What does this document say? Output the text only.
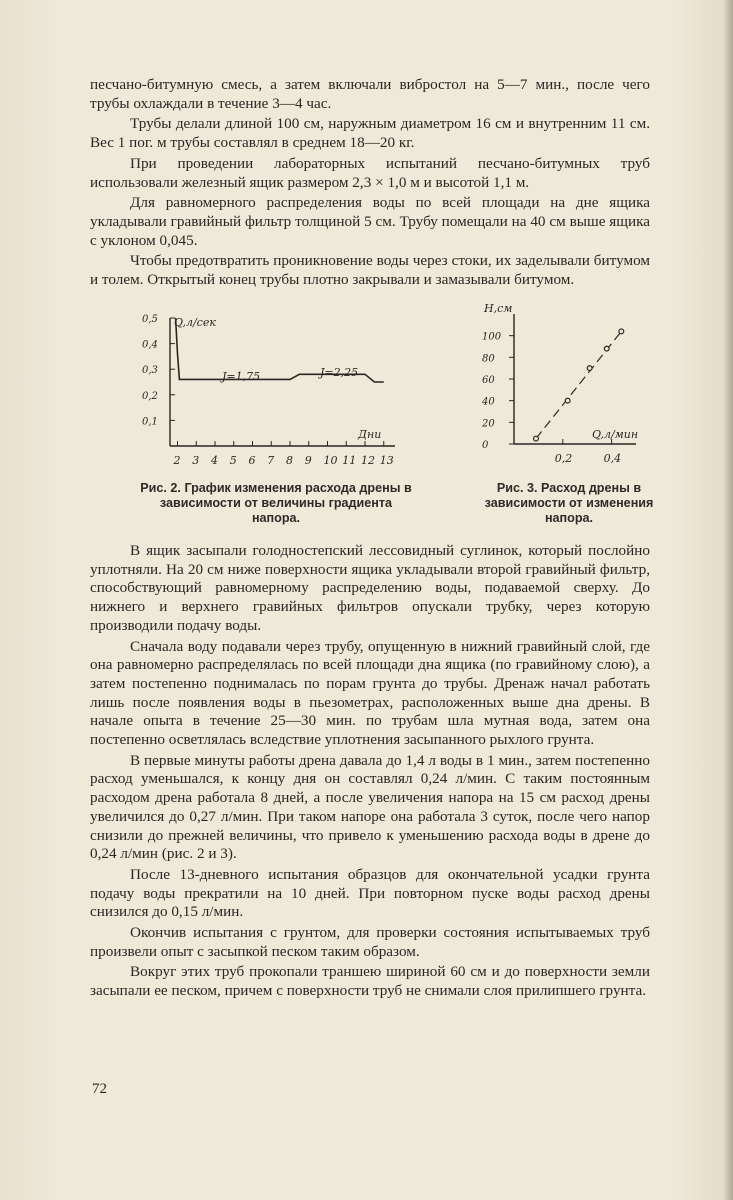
песчано-битумную смесь, а затем включали вибростол на 5—7 мин., после чего трубы охлаждали в течение 3—4 час.

Трубы делали длиной 100 см, наружным диаметром 16 см и внутренним 11 см. Вес 1 пог. м трубы составлял в среднем 18—20 кг.

При проведении лабораторных испытаний песчано-битумных труб использовали железный ящик размером 2,3 × 1,0 м и высотой 1,1 м.

Для равномерного распределения воды по всей площади на дне ящика укладывали гравийный фильтр толщиной 5 см. Трубу помещали на 40 см выше ящика с уклоном 0,045.

Чтобы предотвратить проникновение воды через стоки, их заделывали битумом и толем. Открытый конец трубы плотно закрывали и замазывали битумом.

0,1
0,2
0,3
0,4
0,5
2 3 4 5 6 7 8 9 10 11 12 13
Q,л/сек
Дни
J=1,75	J=2,25
Рис. 2. График изменения расхода дрены в зависимости от величины градиента напора.
0
20
40
60
80
100
0,2	0,4
Н,см
Q,л/мин
Рис. 3. Расход дрены в зависимости от изменения напора.

В ящик засыпали голодностепский лессовидный суглинок, который послойно уплотняли. На 20 см ниже поверхности ящика укладывали второй гравийный фильтр, способствующий равномерному распределению воды, подаваемой сверху. До нижнего и верхнего гравийных фильтров опускали трубку, через которую производили подачу воды.

Сначала воду подавали через трубу, опущенную в нижний гравийный слой, где она равномерно распределялась по всей площади дна ящика (по гравийному слою), а затем постепенно поднималась по порам грунта до трубы. Дренаж начал работать лишь после появления воды в пьезометрах, расположенных выше дна дрены. В начале опыта в течение 25—30 мин. по трубам шла мутная вода, затем она постепенно осветлялась вследствие уплотнения засыпанного рыхлого грунта.

В первые минуты работы дрена давала до 1,4 л воды в 1 мин., затем постепенно расход уменьшался, к концу дня он составлял 0,24 л/мин. С таким постоянным расходом дрена работала 8 дней, а после увеличения напора на 15 см расход дрены увеличился до 0,27 л/мин. При таком напоре она работала 3 суток, после чего напор снизили до прежней величины, что привело к уменьшению расхода воды в дрене до 0,24 л/мин (рис. 2 и 3).

После 13-дневного испытания образцов для окончательной усадки грунта подачу воды прекратили на 10 дней. При повторном пуске воды расход дрены снизился до 0,15 л/мин.

Окончив испытания с грунтом, для проверки состояния испытываемых труб произвели опыт с засыпкой песком таким образом.

Вокруг этих труб прокопали траншею шириной 60 см и до поверхности земли засыпали ее песком, причем с поверхности труб не снимали слоя прилипшего грунта.

72
